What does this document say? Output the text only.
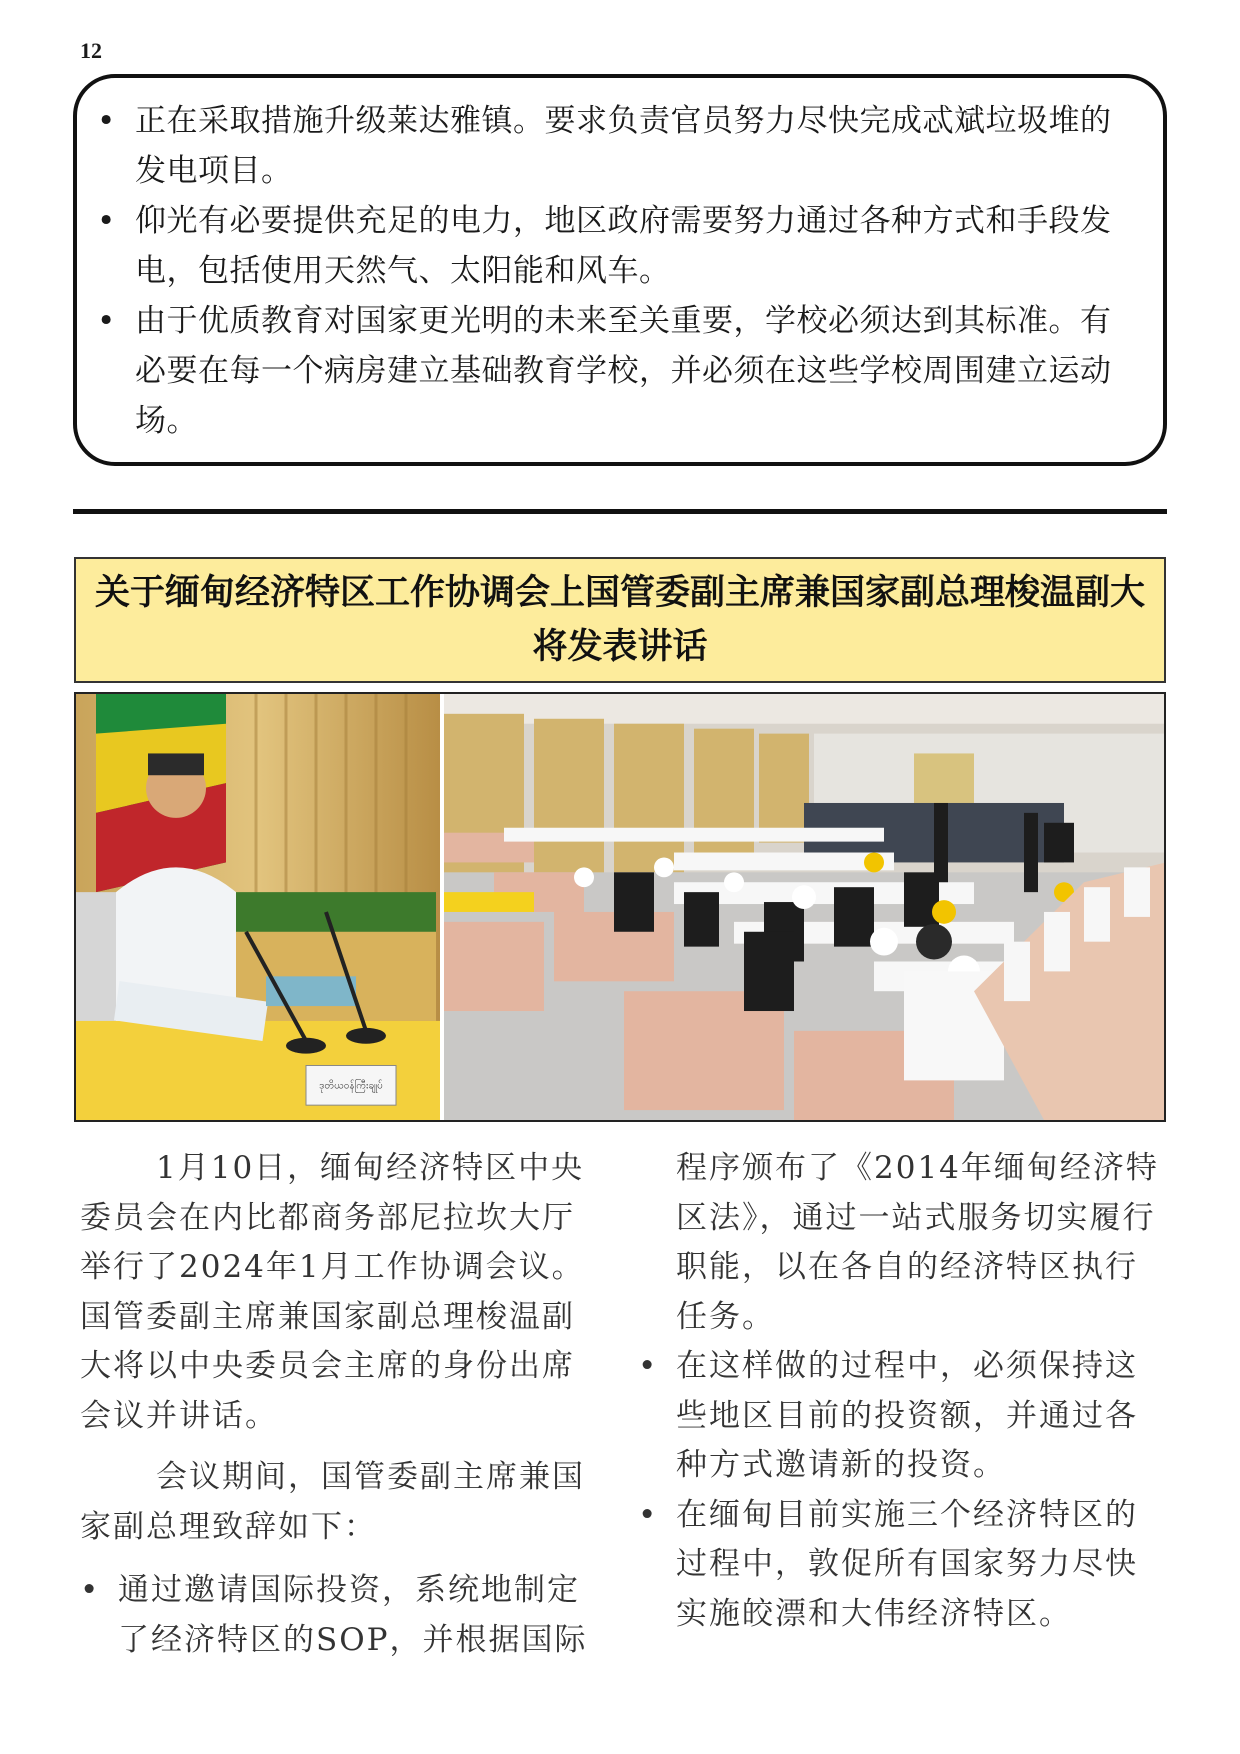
12
• 正在采取措施升级莱达雅镇。要求负责官员努力尽快完成忒斌垃圾堆的发电项目。
• 仰光有必要提供充足的电力，地区政府需要努力通过各种方式和手段发电，包括使用天然气、太阳能和风车。
• 由于优质教育对国家更光明的未来至关重要，学校必须达到其标准。有必要在每一个病房建立基础教育学校，并必须在这些学校周围建立运动场。
关于缅甸经济特区工作协调会上国管委副主席兼国家副总理梭温副大将发表讲话
ဒုတိယဝန်ကြီးချုပ်

1月10日，缅甸经济特区中央委员会在内比都商务部尼拉坎大厅举行了2024年1月工作协调会议。国管委副主席兼国家副总理梭温副大将以中央委员会主席的身份出席会议并讲话。

会议期间，国管委副主席兼国家副总理致辞如下：

• 通过邀请国际投资，系统地制定了经济特区的SOP，并根据国际

程序颁布了《2014年缅甸经济特区法》，通过一站式服务切实履行职能，以在各自的经济特区执行任务。

• 在这样做的过程中，必须保持这些地区目前的投资额，并通过各种方式邀请新的投资。
• 在缅甸目前实施三个经济特区的过程中，敦促所有国家努力尽快实施皎漂和大伟经济特区。
